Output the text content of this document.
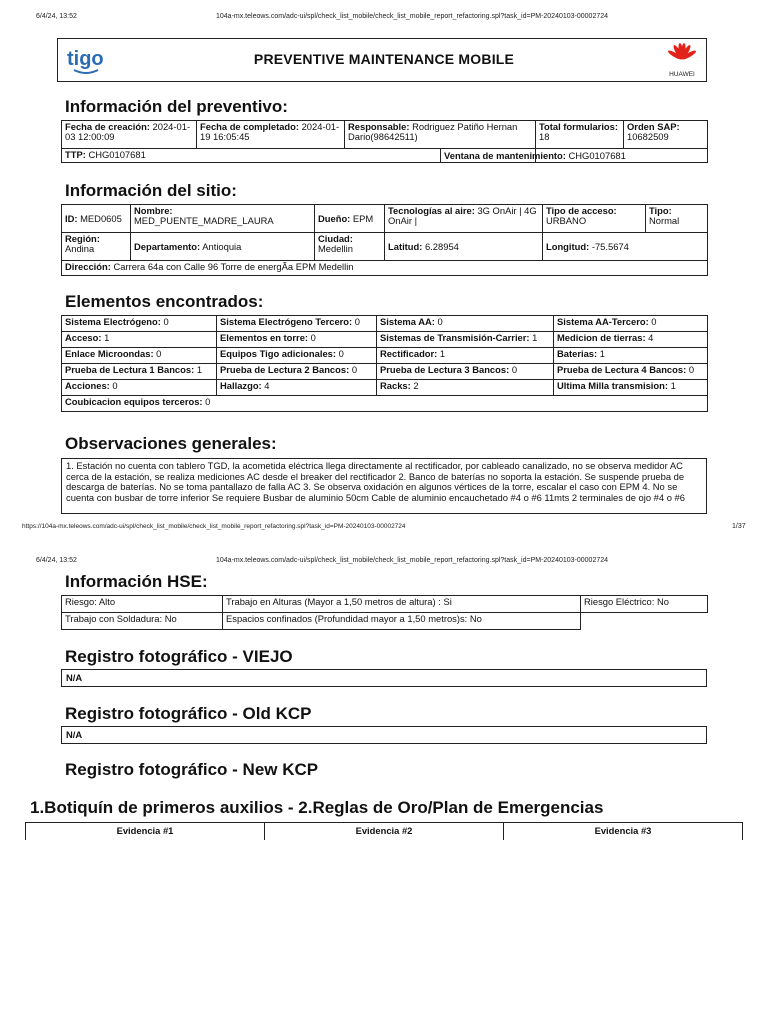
6/4/24, 13:52	104a-mx.teleows.com/adc-ui/spl/check_list_mobile/check_list_mobile_report_refactoring.spl?task_id=PM-20240103-00002724
tigo	PREVENTIVE MAINTENANCE MOBILE
HUAWEI
Información del preventivo:
Fecha de creación: 2024-01-03 12:00:09	Fecha de completado: 2024-01-19 16:05:45	Responsable: Rodriguez Patiño Hernan Dario(98642511)	Total formularios: 18	Orden SAP:
10682509
TTP: CHG0107681					Ventana de mantenimiento: CHG0107681
Información del sitio:
ID: MED0605	Nombre:
MED_PUENTE_MADRE_LAURA	Dueño: EPM	Tecnologías al aire: 3G OnAir | 4G OnAir |	Tipo de acceso:
URBANO	Tipo:
Normal
Región:
Andina	Departamento: Antioquia	Ciudad:
Medellin	Latitud: 6.28954	Longitud: -75.5674	
Dirección: Carrera 64a con Calle 96 Torre de energÃa EPM Medellin					
Elementos encontrados:
Sistema Electrógeno: 0	Sistema Electrógeno Tercero: 0	Sistema AA: 0	Sistema AA-Tercero: 0
Acceso: 1	Elementos en torre: 0	Sistemas de Transmisión-Carrier: 1	Medicion de tierras: 4
Enlace Microondas: 0	Equipos Tigo adicionales: 0	Rectificador: 1	Baterias: 1
Prueba de Lectura 1 Bancos: 1	Prueba de Lectura 2 Bancos: 0	Prueba de Lectura 3 Bancos: 0	Prueba de Lectura 4 Bancos: 0
Acciones: 0	Hallazgo: 4	Racks: 2	Ultima Milla transmision: 1
Coubicacion equipos terceros: 0			
Observaciones generales:
1. Estación no cuenta con tablero TGD, la acometida eléctrica llega directamente al rectificador, por cableado canalizado, no se observa medidor AC cerca de la estación, se realiza mediciones AC desde el breaker del rectificador 2. Banco de baterías no soporta la estación. Se suspende prueba de descarga de baterías. No se toma pantallazo de falla AC 3. Se observa oxidación en algunos vértices de la torre, escalar el caso con EPM 4. No se cuenta con busbar de torre inferior Se requiere Busbar de aluminio 50cm Cable de aluminio encauchetado #4 o #6 11mts 2 terminales de ojo #4 o #6
https://104a-mx.teleows.com/adc-ui/spl/check_list_mobile/check_list_mobile_report_refactoring.spl?task_id=PM-20240103-00002724	1/37
6/4/24, 13:52	104a-mx.teleows.com/adc-ui/spl/check_list_mobile/check_list_mobile_report_refactoring.spl?task_id=PM-20240103-00002724
Información HSE:
Riesgo: Alto	Trabajo en Alturas (Mayor a 1,50 metros de altura) : Si	Riesgo Eléctrico: No
Trabajo con Soldadura: No	Espacios confinados (Profundidad mayor a 1,50 metros)s: No	
Registro fotográfico - VIEJO
N/A
Registro fotográfico - Old KCP
N/A
Registro fotográfico - New KCP
1.Botiquín de primeros auxilios - 2.Reglas de Oro/Plan de Emergencias
Evidencia #1	Evidencia #2	Evidencia #3
